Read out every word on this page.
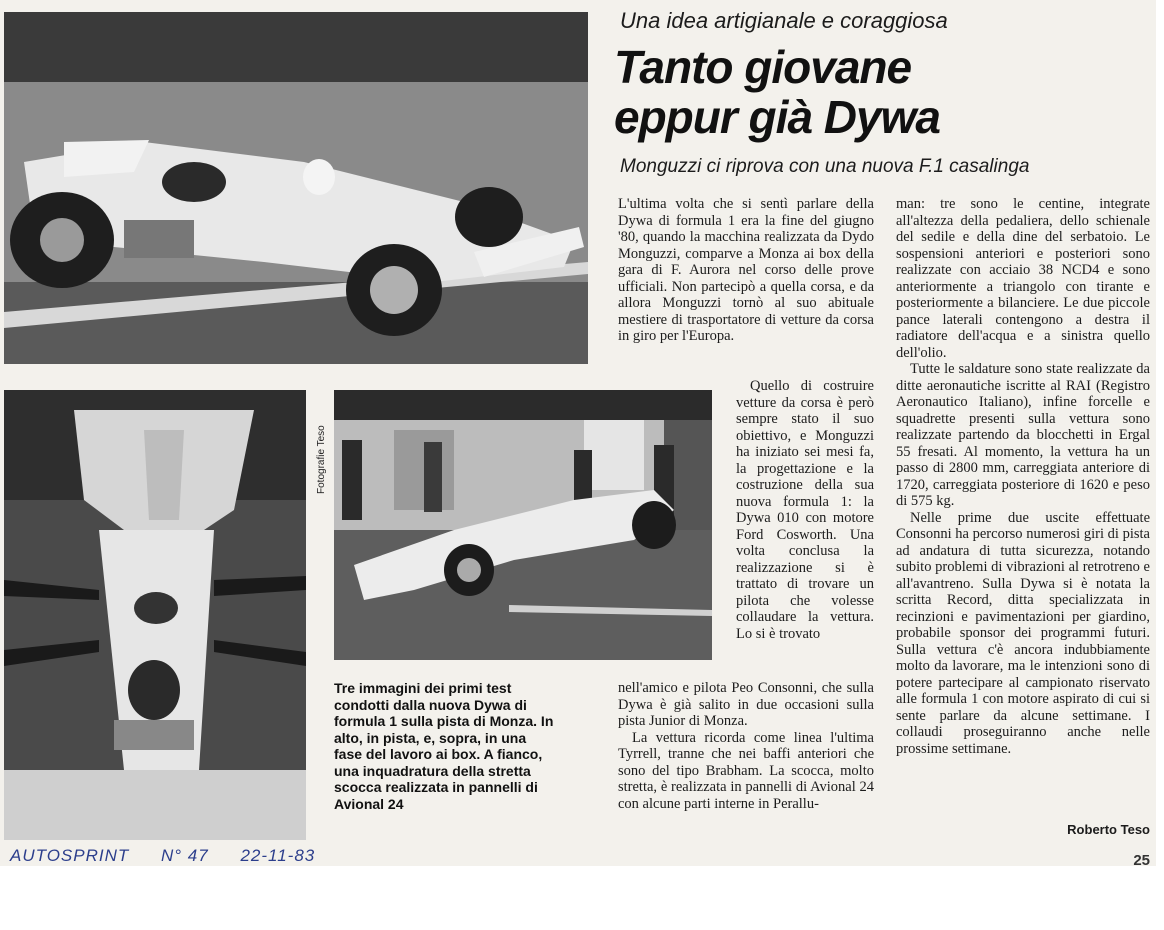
Fotografie Teso
Una idea artigianale e coraggiosa
Tanto giovane
eppur già Dywa
Monguzzi ci riprova con una nuova F.1 casalinga

L'ultima volta che si sentì parlare della Dywa di formula 1 era la fine del giugno '80, quando la macchina realizzata da Dydo Monguzzi, comparve a Monza ai box della gara di F. Aurora nel corso delle prove ufficiali. Non partecipò a quella corsa, e da allora Monguzzi tornò al suo abituale mestiere di trasportatore di vetture da corsa in giro per l'Europa.

Quello di costruire vetture da corsa è però sempre stato il suo obiettivo, e Monguzzi ha iniziato sei mesi fa, la progettazione e la costruzione della sua nuova formula 1: la Dywa 010 con motore Ford Cosworth. Una volta conclusa la realizzazione si è trattato di trovare un pilota che volesse collaudare la vettura. Lo si è trovato

nell'amico e pilota Peo Consonni, che sulla Dywa è già salito in due occasioni sulla pista Junior di Monza.

La vettura ricorda come linea l'ultima Tyrrell, tranne che nei baffi anteriori che sono del tipo Brabham. La scocca, molto stretta, è realizzata in pannelli di Avional 24 con alcune parti interne in Perallu-

man: tre sono le centine, integrate all'altezza della pedaliera, dello schienale del sedile e della dine del serbatoio. Le sospensioni anteriori e posteriori sono realizzate con acciaio 38 NCD4 e sono anteriormente a triangolo con tirante e posteriormente a bilanciere. Le due piccole pance laterali contengono a destra il radiatore dell'acqua e a sinistra quello dell'olio.

Tutte le saldature sono state realizzate da ditte aeronautiche iscritte al RAI (Registro Aeronautico Italiano), infine forcelle e squadrette presenti sulla vettura sono realizzate partendo da blocchetti in Ergal 55 fresati. Al momento, la vettura ha un passo di 2800 mm, carreggiata anteriore di 1720, carreggiata posteriore di 1620 e peso di 575 kg.

Nelle prime due uscite effettuate Consonni ha percorso numerosi giri di pista ad andatura di tutta sicurezza, notando subito problemi di vibrazioni al retrotreno e all'avantreno. Sulla Dywa si è notata la scritta Record, ditta specializzata in recinzioni e pavimentazioni per giardino, probabile sponsor dei programmi futuri. Sulla vettura c'è ancora indubbiamente molto da lavorare, ma le intenzioni sono di potere partecipare al campionato riservato alle formula 1 con motore aspirato di cui si sente parlare da alcune settimane. I collaudi proseguiranno anche nelle prossime settimane.

Roberto Teso
25
Tre immagini dei primi test condotti dalla nuova Dywa di formula 1 sulla pista di Monza. In alto, in pista, e, sopra, in una fase del lavoro ai box. A fianco, una inquadratura della stretta scocca realizzata in pannelli di Avional 24
AUTOSPRINT N° 47 22-11-83
